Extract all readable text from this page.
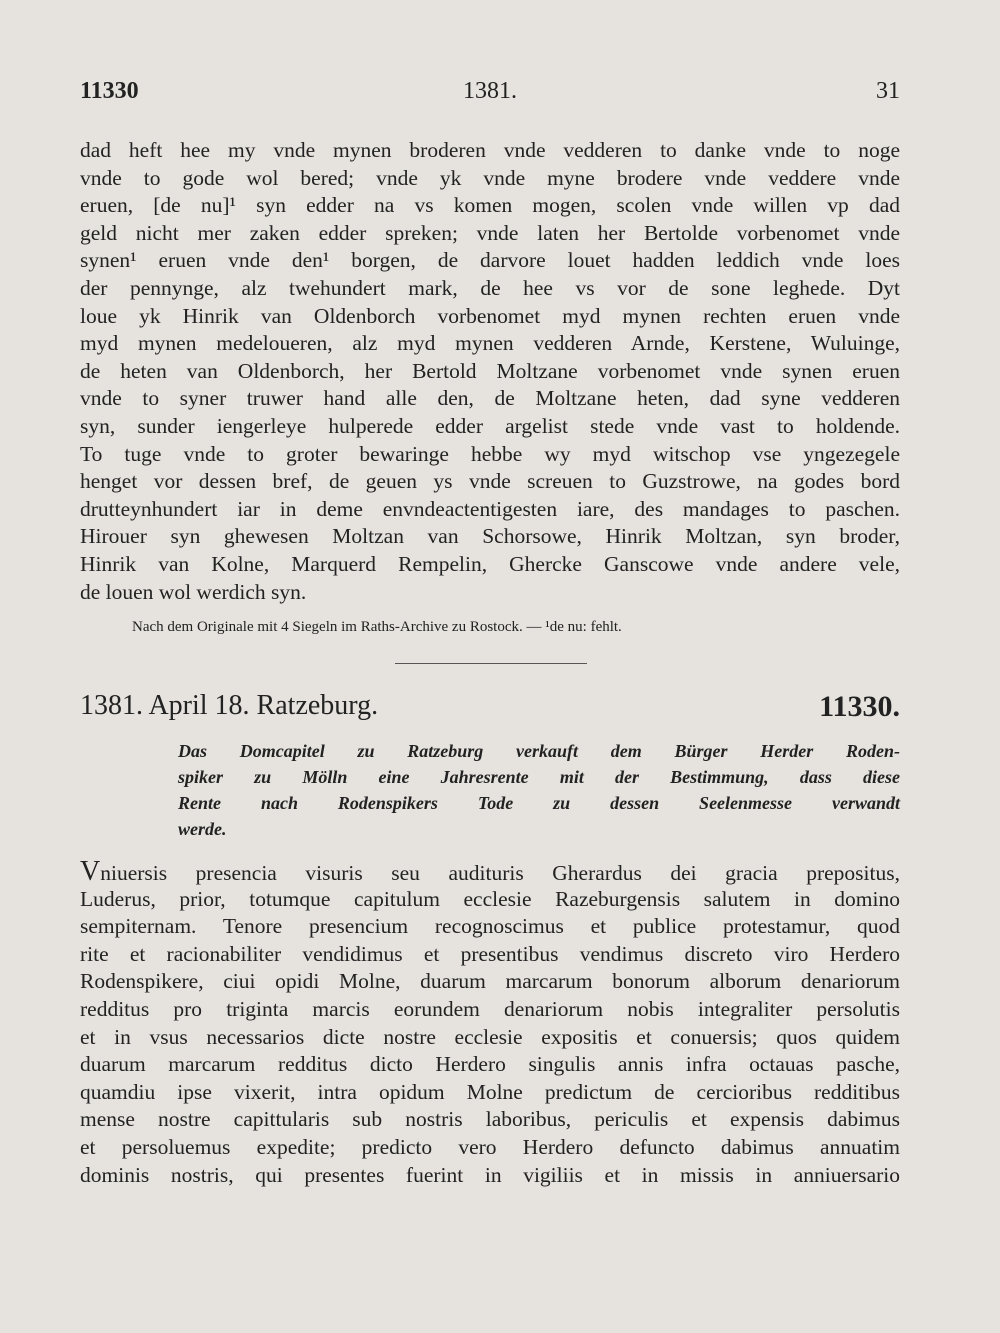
11330	1381.	31
dad heft hee my vnde mynen broderen vnde vedderen to danke vnde to noge
vnde to gode wol bered; vnde yk vnde myne brodere vnde veddere vnde
eruen, [de nu]¹ syn edder na vs komen mogen, scolen vnde willen vp dad
geld nicht mer zaken edder spreken; vnde laten her Bertolde vorbenomet vnde
synen¹ eruen vnde den¹ borgen, de darvore louet hadden leddich vnde loes
der pennynge, alz twehundert mark, de hee vs vor de sone leghede. Dyt
loue yk Hinrik van Oldenborch vorbenomet myd mynen rechten eruen vnde
myd mynen medeloueren, alz myd mynen vedderen Arnde, Kerstene, Wuluinge,
de heten van Oldenborch, her Bertold Moltzane vorbenomet vnde synen eruen
vnde to syner truwer hand alle den, de Moltzane heten, dad syne vedderen
syn, sunder iengerleye hulperede edder argelist stede vnde vast to holdende.
To tuge vnde to groter bewaringe hebbe wy myd witschop vse yngezegele
henget vor dessen bref, de geuen ys vnde screuen to Guzstrowe, na godes bord
drutteynhundert iar in deme envndeactentigesten iare, des mandages to paschen.
Hirouer syn ghewesen Moltzan van Schorsowe, Hinrik Moltzan, syn broder,
Hinrik van Kolne, Marquerd Rempelin, Ghercke Ganscowe vnde andere vele,
de louen wol werdich syn.
Nach dem Originale mit 4 Siegeln im Raths-Archive zu Rostock. — ¹de nu: fehlt.
1381. April 18. Ratzeburg.	11330.
Das Domcapitel zu Ratzeburg verkauft dem Bürger Herder Roden-
spiker zu Mölln eine Jahresrente mit der Bestimmung, dass diese
Rente nach Rodenspikers Tode zu dessen Seelenmesse verwandt
werde.
Vniuersis presencia visuris seu audituris Gherardus dei gracia prepositus,
Luderus, prior, totumque capitulum ecclesie Razeburgensis salutem in domino
sempiternam. Tenore presencium recognoscimus et publice protestamur, quod
rite et racionabiliter vendidimus et presentibus vendimus discreto viro Herdero
Rodenspikere, ciui opidi Molne, duarum marcarum bonorum alborum denariorum
redditus pro triginta marcis eorundem denariorum nobis integraliter persolutis
et in vsus necessarios dicte nostre ecclesie expositis et conuersis; quos quidem
duarum marcarum redditus dicto Herdero singulis annis infra octauas pasche,
quamdiu ipse vixerit, intra opidum Molne predictum de cercioribus redditibus
mense nostre capittularis sub nostris laboribus, periculis et expensis dabimus
et persoluemus expedite; predicto vero Herdero defuncto dabimus annuatim
dominis nostris, qui presentes fuerint in vigiliis et in missis in anniuersario
